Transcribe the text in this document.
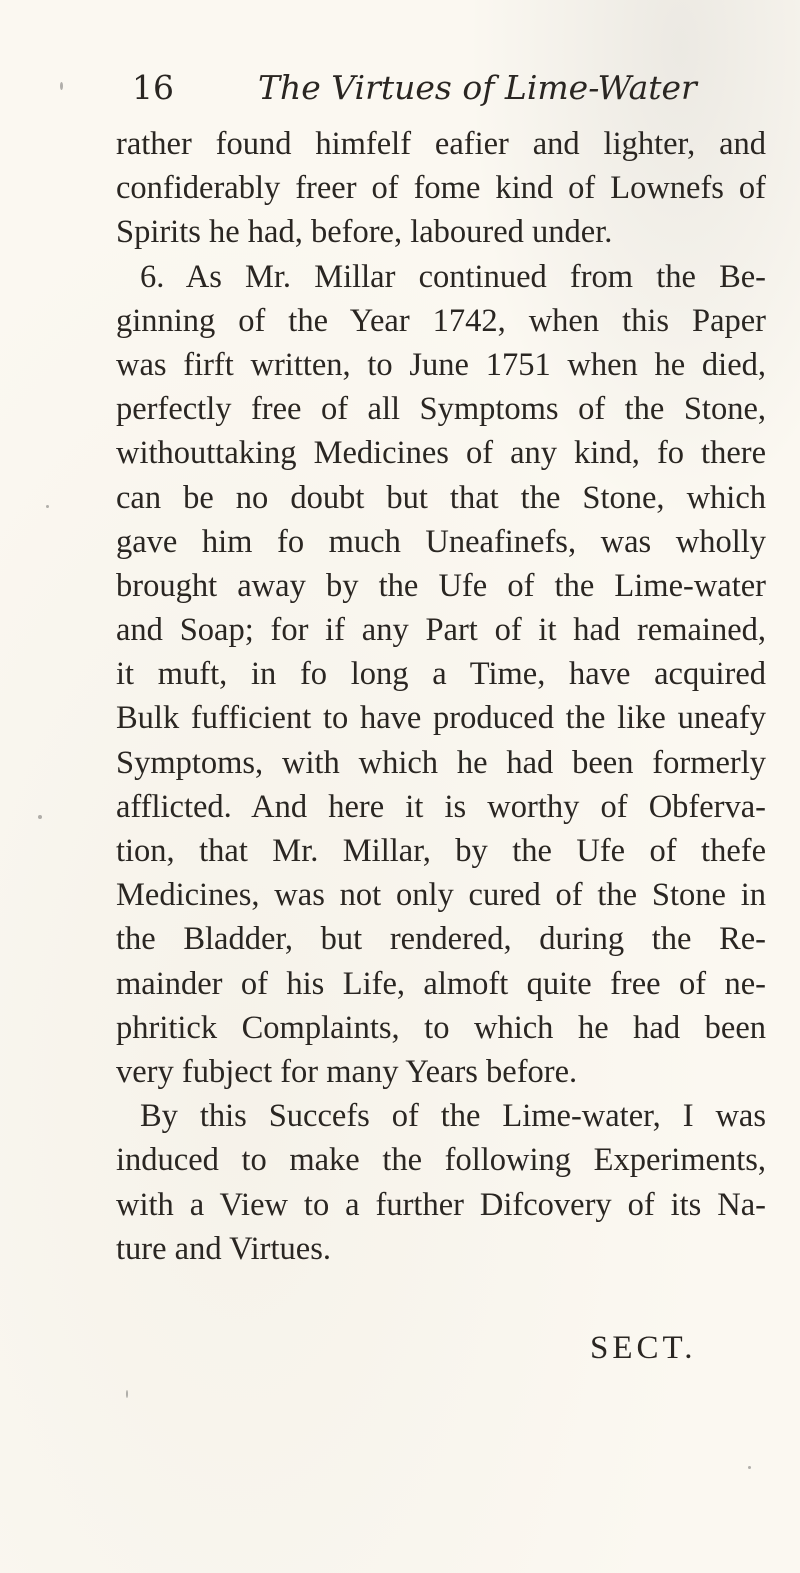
16	The Virtues of Lime-Water
rather found himfelf eafier and lighter, and
confiderably freer of fome kind of Lownefs of
Spirits he had, before, laboured under.
6. As Mr. Millar continued from the Be-
ginning of the Year 1742, when this Paper
was firft written, to June 1751 when he died,
perfectly free of all Symptoms of the Stone,
withouttaking Medicines of any kind, fo there
can be no doubt but that the Stone, which
gave him fo much Uneafinefs, was wholly
brought away by the Ufe of the Lime-water
and Soap; for if any Part of it had remained,
it muft, in fo long a Time, have acquired
Bulk fufficient to have produced the like uneafy
Symptoms, with which he had been formerly
afflicted. And here it is worthy of Obferva-
tion, that Mr. Millar, by the Ufe of thefe
Medicines, was not only cured of the Stone in
the Bladder, but rendered, during the Re-
mainder of his Life, almoft quite free of ne-
phritick Complaints, to which he had been
very fubject for many Years before.
By this Succefs of the Lime-water, I was
induced to make the following Experiments,
with a View to a further Difcovery of its Na-
ture and Virtues.
SECT.
